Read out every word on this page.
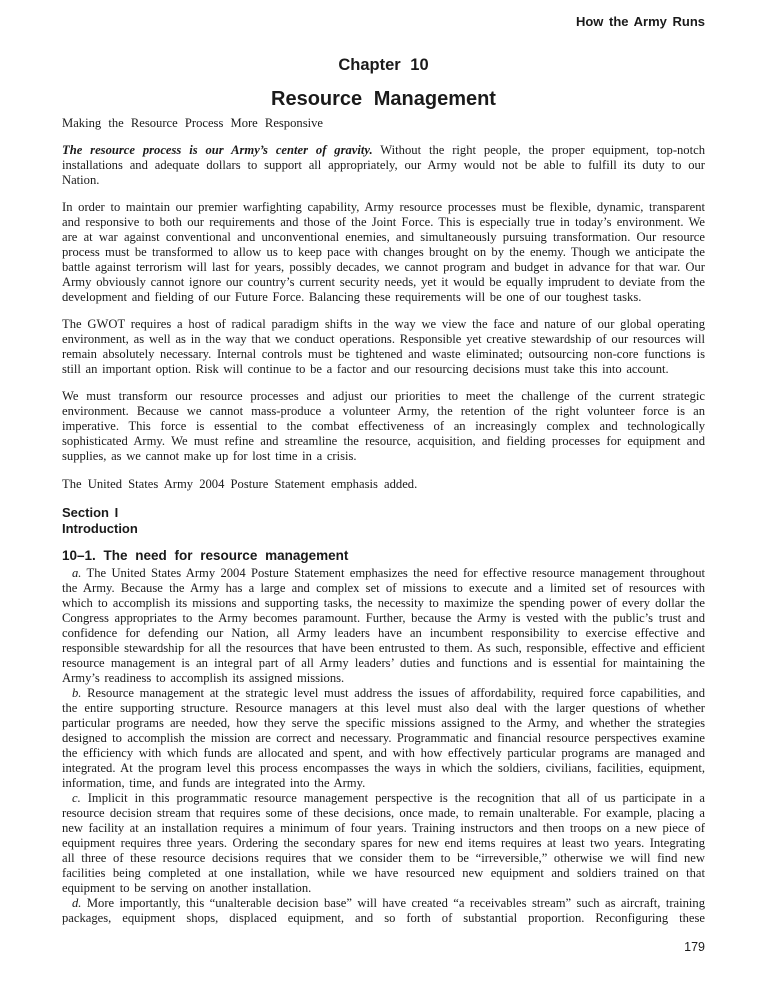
How the Army Runs
Chapter 10
Resource Management
Making the Resource Process More Responsive

The resource process is our Army’s center of gravity. Without the right people, the proper equipment, top-notch installations and adequate dollars to support all appropriately, our Army would not be able to fulfill its duty to our Nation.

In order to maintain our premier warfighting capability, Army resource processes must be flexible, dynamic, transparent and responsive to both our requirements and those of the Joint Force. This is especially true in today’s environment. We are at war against conventional and unconventional enemies, and simultaneously pursuing transformation. Our resource process must be transformed to allow us to keep pace with changes brought on by the enemy. Though we anticipate the battle against terrorism will last for years, possibly decades, we cannot program and budget in advance for that war. Our Army obviously cannot ignore our country’s current security needs, yet it would be equally imprudent to deviate from the development and fielding of our Future Force. Balancing these requirements will be one of our toughest tasks.

The GWOT requires a host of radical paradigm shifts in the way we view the face and nature of our global operating environment, as well as in the way that we conduct operations. Responsible yet creative stewardship of our resources will remain absolutely necessary. Internal controls must be tightened and waste eliminated; outsourcing non-core functions is still an important option. Risk will continue to be a factor and our resourcing decisions must take this into account.

We must transform our resource processes and adjust our priorities to meet the challenge of the current strategic environment. Because we cannot mass-produce a volunteer Army, the retention of the right volunteer force is an imperative. This force is essential to the combat effectiveness of an increasingly complex and technologically sophisticated Army. We must refine and streamline the resource, acquisition, and fielding processes for equipment and supplies, as we cannot make up for lost time in a crisis.

The United States Army 2004 Posture Statement emphasis added.

Section I
Introduction
10–1. The need for resource management

a. The United States Army 2004 Posture Statement emphasizes the need for effective resource management throughout the Army. Because the Army has a large and complex set of missions to execute and a limited set of resources with which to accomplish its missions and supporting tasks, the necessity to maximize the spending power of every dollar the Congress appropriates to the Army becomes paramount. Further, because the Army is vested with the public’s trust and confidence for defending our Nation, all Army leaders have an incumbent responsibility to exercise effective and responsible stewardship for all the resources that have been entrusted to them. As such, responsible, effective and efficient resource management is an integral part of all Army leaders’ duties and functions and is essential for maintaining the Army’s readiness to accomplish its assigned missions.

b. Resource management at the strategic level must address the issues of affordability, required force capabilities, and the entire supporting structure. Resource managers at this level must also deal with the larger questions of whether particular programs are needed, how they serve the specific missions assigned to the Army, and whether the strategies designed to accomplish the mission are correct and necessary. Programmatic and financial resource perspectives examine the efficiency with which funds are allocated and spent, and with how effectively particular programs are managed and integrated. At the program level this process encompasses the ways in which the soldiers, civilians, facilities, equipment, information, time, and funds are integrated into the Army.

c. Implicit in this programmatic resource management perspective is the recognition that all of us participate in a resource decision stream that requires some of these decisions, once made, to remain unalterable. For example, placing a new facility at an installation requires a minimum of four years. Training instructors and then troops on a new piece of equipment requires three years. Ordering the secondary spares for new end items requires at least two years. Integrating all three of these resource decisions requires that we consider them to be “irreversible,” otherwise we will find new facilities being completed at one installation, while we have resourced new equipment and soldiers trained on that equipment to be serving on another installation.

d. More importantly, this “unalterable decision base” will have created “a receivables stream” such as aircraft, training packages, equipment shops, displaced equipment, and so forth of substantial proportion. Reconfiguring these

179
